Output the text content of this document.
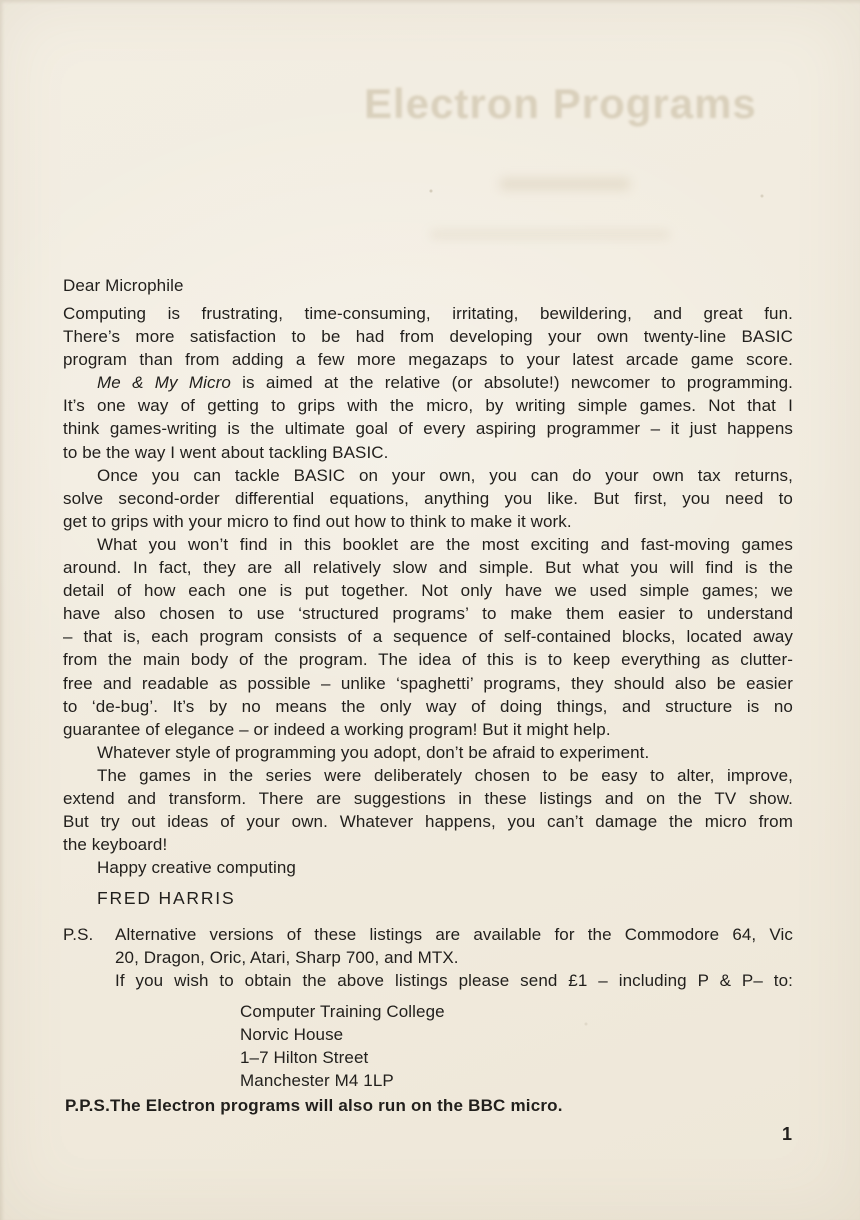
Electron Programs
Dear Microphile
Computing is frustrating, time-consuming, irritating, bewildering, and great fun.
There’s more satisfaction to be had from developing your own twenty-line BASIC
program than from adding a few more megazaps to your latest arcade game score.
Me & My Micro is aimed at the relative (or absolute!) newcomer to programming.
It’s one way of getting to grips with the micro, by writing simple games. Not that I
think games-writing is the ultimate goal of every aspiring programmer – it just happens
to be the way I went about tackling BASIC.
Once you can tackle BASIC on your own, you can do your own tax returns,
solve second-order differential equations, anything you like. But first, you need to
get to grips with your micro to find out how to think to make it work.
What you won’t find in this booklet are the most exciting and fast-moving games
around. In fact, they are all relatively slow and simple. But what you will find is the
detail of how each one is put together. Not only have we used simple games; we
have also chosen to use ‘structured programs’ to make them easier to understand
– that is, each program consists of a sequence of self-contained blocks, located away
from the main body of the program. The idea of this is to keep everything as clutter-
free and readable as possible – unlike ‘spaghetti’ programs, they should also be easier
to ‘de-bug’. It’s by no means the only way of doing things, and structure is no
guarantee of elegance – or indeed a working program! But it might help.
Whatever style of programming you adopt, don’t be afraid to experiment.
The games in the series were deliberately chosen to be easy to alter, improve,
extend and transform. There are suggestions in these listings and on the TV show.
But try out ideas of your own. Whatever happens, you can’t damage the micro from
the keyboard!
Happy creative computing
FRED HARRIS
P.S. Alternative versions of these listings are available for the Commodore 64, Vic
20, Dragon, Oric, Atari, Sharp 700, and MTX.
If you wish to obtain the above listings please send £1 – including P & P– to:
Computer Training College
Norvic House
1–7 Hilton Street
Manchester M4 1LP
P.P.S.The Electron programs will also run on the BBC micro.
1
